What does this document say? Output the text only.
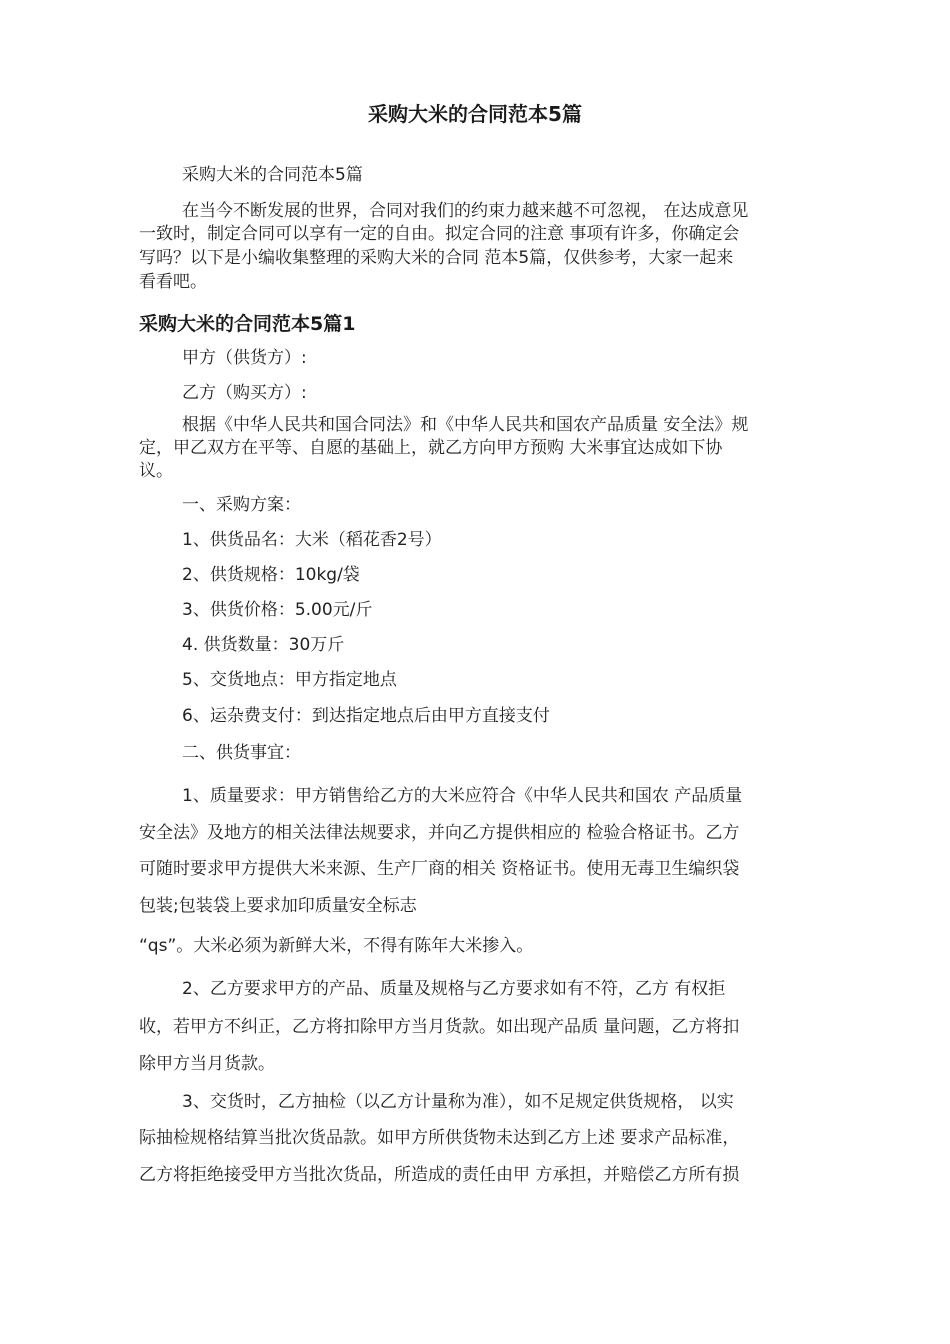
采购大米的合同范本5篇
采购大米的合同范本5篇
在当今不断发展的世界，合同对我们的约束力越来越不可忽视， 在达成意见
一致时，制定合同可以享有一定的自由。拟定合同的注意 事项有许多，你确定会
写吗？以下是小编收集整理的采购大米的合同 范本5篇，仅供参考，大家一起来
看看吧。
采购大米的合同范本5篇1
甲方（供货方）:
乙方（购买方）:
根据《中华人民共和国合同法》和《中华人民共和国农产品质量 安全法》规
定，甲乙双方在平等、自愿的基础上，就乙方向甲方预购 大米事宜达成如下协
议。
一、采购方案：
1、供货品名：大米（稻花香2号）
2、供货规格：10kg/袋
3、供货价格：5.00元/斤
4. 供货数量：30万斤
5、交货地点：甲方指定地点
6、运杂费支付：到达指定地点后由甲方直接支付
二、供货事宜：
1、质量要求：甲方销售给乙方的大米应符合《中华人民共和国农 产品质量
安全法》及地方的相关法律法规要求，并向乙方提供相应的 检验合格证书。乙方
可随时要求甲方提供大米来源、生产厂商的相关 资格证书。使用无毒卫生编织袋
包装;包装袋上要求加印质量安全标志
“qs”。大米必须为新鲜大米，不得有陈年大米掺入。
2、乙方要求甲方的产品、质量及规格与乙方要求如有不符，乙方 有权拒
收，若甲方不纠正，乙方将扣除甲方当月货款。如出现产品质 量问题，乙方将扣
除甲方当月货款。
3、交货时，乙方抽检（以乙方计量称为准），如不足规定供货规格， 以实
际抽检规格结算当批次货品款。如甲方所供货物未达到乙方上述 要求产品标准，
乙方将拒绝接受甲方当批次货品，所造成的责任由甲 方承担，并赔偿乙方所有损
